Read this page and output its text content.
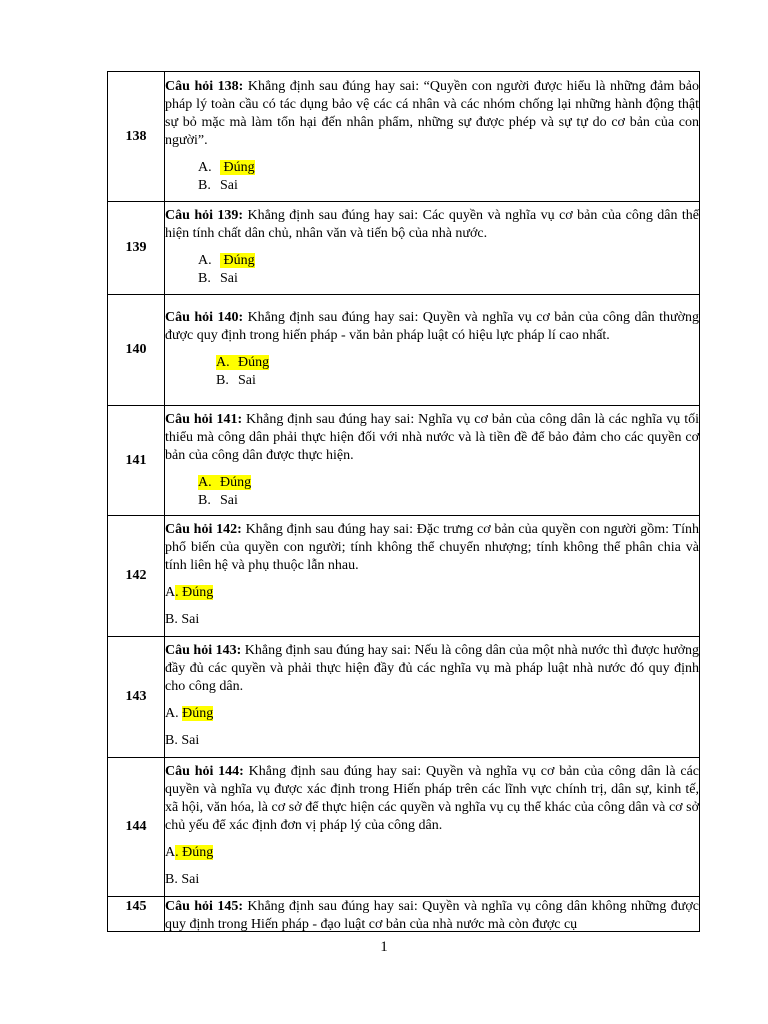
138	Câu hỏi 138: Khẳng định sau đúng hay sai: “Quyền con người được hiểu là những đảm bảo pháp lý toàn cầu có tác dụng bảo vệ các cá nhân và các nhóm chống lại những hành động thật sự bỏ mặc mà làm tổn hại đến nhân phẩm, những sự được phép và sự tự do cơ bản của con người”.

A. Đúng
B. Sai

139	Câu hỏi 139: Khẳng định sau đúng hay sai: Các quyền và nghĩa vụ cơ bản của công dân thể hiện tính chất dân chủ, nhân văn và tiến bộ của nhà nước.

A. Đúng
B. Sai

140	Câu hỏi 140: Khẳng định sau đúng hay sai: Quyền và nghĩa vụ cơ bản của công dân thường được quy định trong hiến pháp - văn bản pháp luật có hiệu lực pháp lí cao nhất.

A. Đúng
B. Sai

141	Câu hỏi 141: Khẳng định sau đúng hay sai: Nghĩa vụ cơ bản của công dân là các nghĩa vụ tối thiểu mà công dân phải thực hiện đối với nhà nước và là tiền đề để bảo đảm cho các quyền cơ bản của công dân được thực hiện.

A. Đúng
B. Sai

142	Câu hỏi 142: Khẳng định sau đúng hay sai: Đặc trưng cơ bản của quyền con người gồm: Tính phổ biến của quyền con người; tính không thể chuyển nhượng; tính không thể phân chia và tính liên hệ và phụ thuộc lẫn nhau.

A. Đúng

B. Sai

143	Câu hỏi 143: Khẳng định sau đúng hay sai: Nếu là công dân của một nhà nước thì được hưởng đầy đủ các quyền và phải thực hiện đầy đủ các nghĩa vụ mà pháp luật nhà nước đó quy định cho công dân.

A. Đúng

B. Sai

144	Câu hỏi 144: Khẳng định sau đúng hay sai: Quyền và nghĩa vụ cơ bản của công dân là các quyền và nghĩa vụ được xác định trong Hiến pháp trên các lĩnh vực chính trị, dân sự, kinh tế, xã hội, văn hóa, là cơ sở để thực hiện các quyền và nghĩa vụ cụ thể khác của công dân và cơ sở chủ yếu để xác định đơn vị pháp lý của công dân.

A. Đúng

B. Sai

145	Câu hỏi 145: Khẳng định sau đúng hay sai: Quyền và nghĩa vụ công dân không những được quy định trong Hiến pháp - đạo luật cơ bản của nhà nước mà còn được cụ

1
